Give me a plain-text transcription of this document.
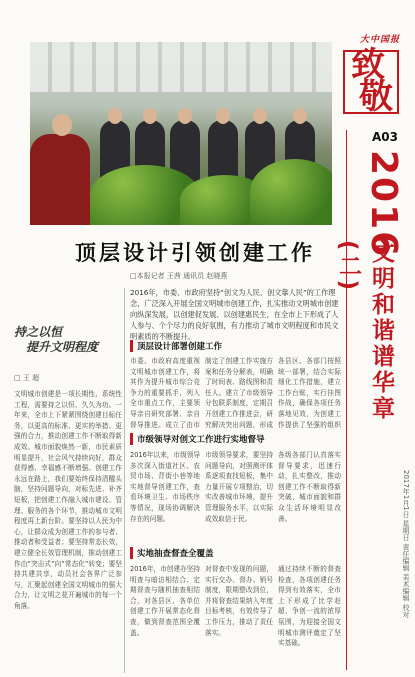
大中国报
致
敬
A03
2016
文明和谐谱华章(二)
2017年1月1日 星期日 责任编辑 美术编辑 校对
顶层设计引领创建工作
□本报记者 王茜 通讯员 赵晓燕
2016年，市委、市政府坚持“创文为人民、创文靠人民”的工作理念，广泛深入开展全国文明城市创建工作，扎实推动文明城市创建向纵深发展，以创建促发展、以创建惠民生，在全市上下形成了人人参与、个个尽力的良好氛围，有力推动了城市文明程度和市民文明素质的不断提升。
持之以恒
提升文明程度
□ 王 超
文明城市创建是一项长期性、系统性工程，需要持之以恒、久久为功。一年来，全市上下紧紧围绕创建目标任务，以更高的标准、更实的举措、更强的合力，推动创建工作不断取得新成效。城市面貌焕然一新，市民素质明显提升，社会风气持续向好，群众获得感、幸福感不断增强。创建工作永远在路上，我们要始终保持清醒头脑，坚持问题导向，对标先进、补齐短板，把创建工作融入城市建设、管理、服务的各个环节，推动城市文明程度再上新台阶。要坚持以人民为中心，让群众成为创建工作的参与者、推动者和受益者；要坚持常态长效，建立健全长效管理机制，推动创建工作由“突击式”向“常态化”转变；要坚持共建共享，动员社会各界广泛参与，汇聚起创建全国文明城市的强大合力，让文明之花开遍城市的每一个角落。
顶层设计部署创建工作
市委、市政府高度重视文明城市创建工作，将其作为提升城市综合竞争力的重要抓手，列入全市重点工作，主要领导亲自研究部署、亲自督导推进。成立了由市
制定了创建工作实施方案和任务分解表，明确了时间表、路线图和责任人。建立了市级领导分包联系制度，定期召开创建工作推进会，研究解决突出问题，形成
各县区、各部门按照统一部署，结合实际细化工作措施，建立工作台账，实行挂图作战，确保各项任务落地见效，为创建工作提供了坚强的组织
市级领导对创文工作进行实地督导
2016年以来，市级领导多次深入街道社区、农贸市场、背街小巷等地实地督导创建工作，查看环境卫生、市场秩序等情况，现场协调解决存在的问题。
市级领导要求，要坚持问题导向，对照测评体系逐项查找短板，集中力量开展专项整治，切实改善城市环境，提升管理服务水平，以实际成效取信于民。
各级各部门认真落实督导要求，迅速行动，扎实整改，推动创建工作不断取得新突破，城市面貌和群众生活环境明显改善。
实地抽查督查全覆盖
2016年，市创建办坚持明查与暗访相结合、定期督查与随机抽查相结合，对各县区、各单位创建工作开展常态化督查，做到督查范围全覆盖。
对督查中发现的问题，实行交办、督办、销号制度，限期整改到位，并将督查结果纳入年度目标考核，有效传导了工作压力，推动了责任落实。
通过持续不断的督查检查，各项创建任务得到有效落实，全市上下形成了比学赶超、争创一流的浓厚氛围，为迎接全国文明城市测评奠定了坚实基础。
